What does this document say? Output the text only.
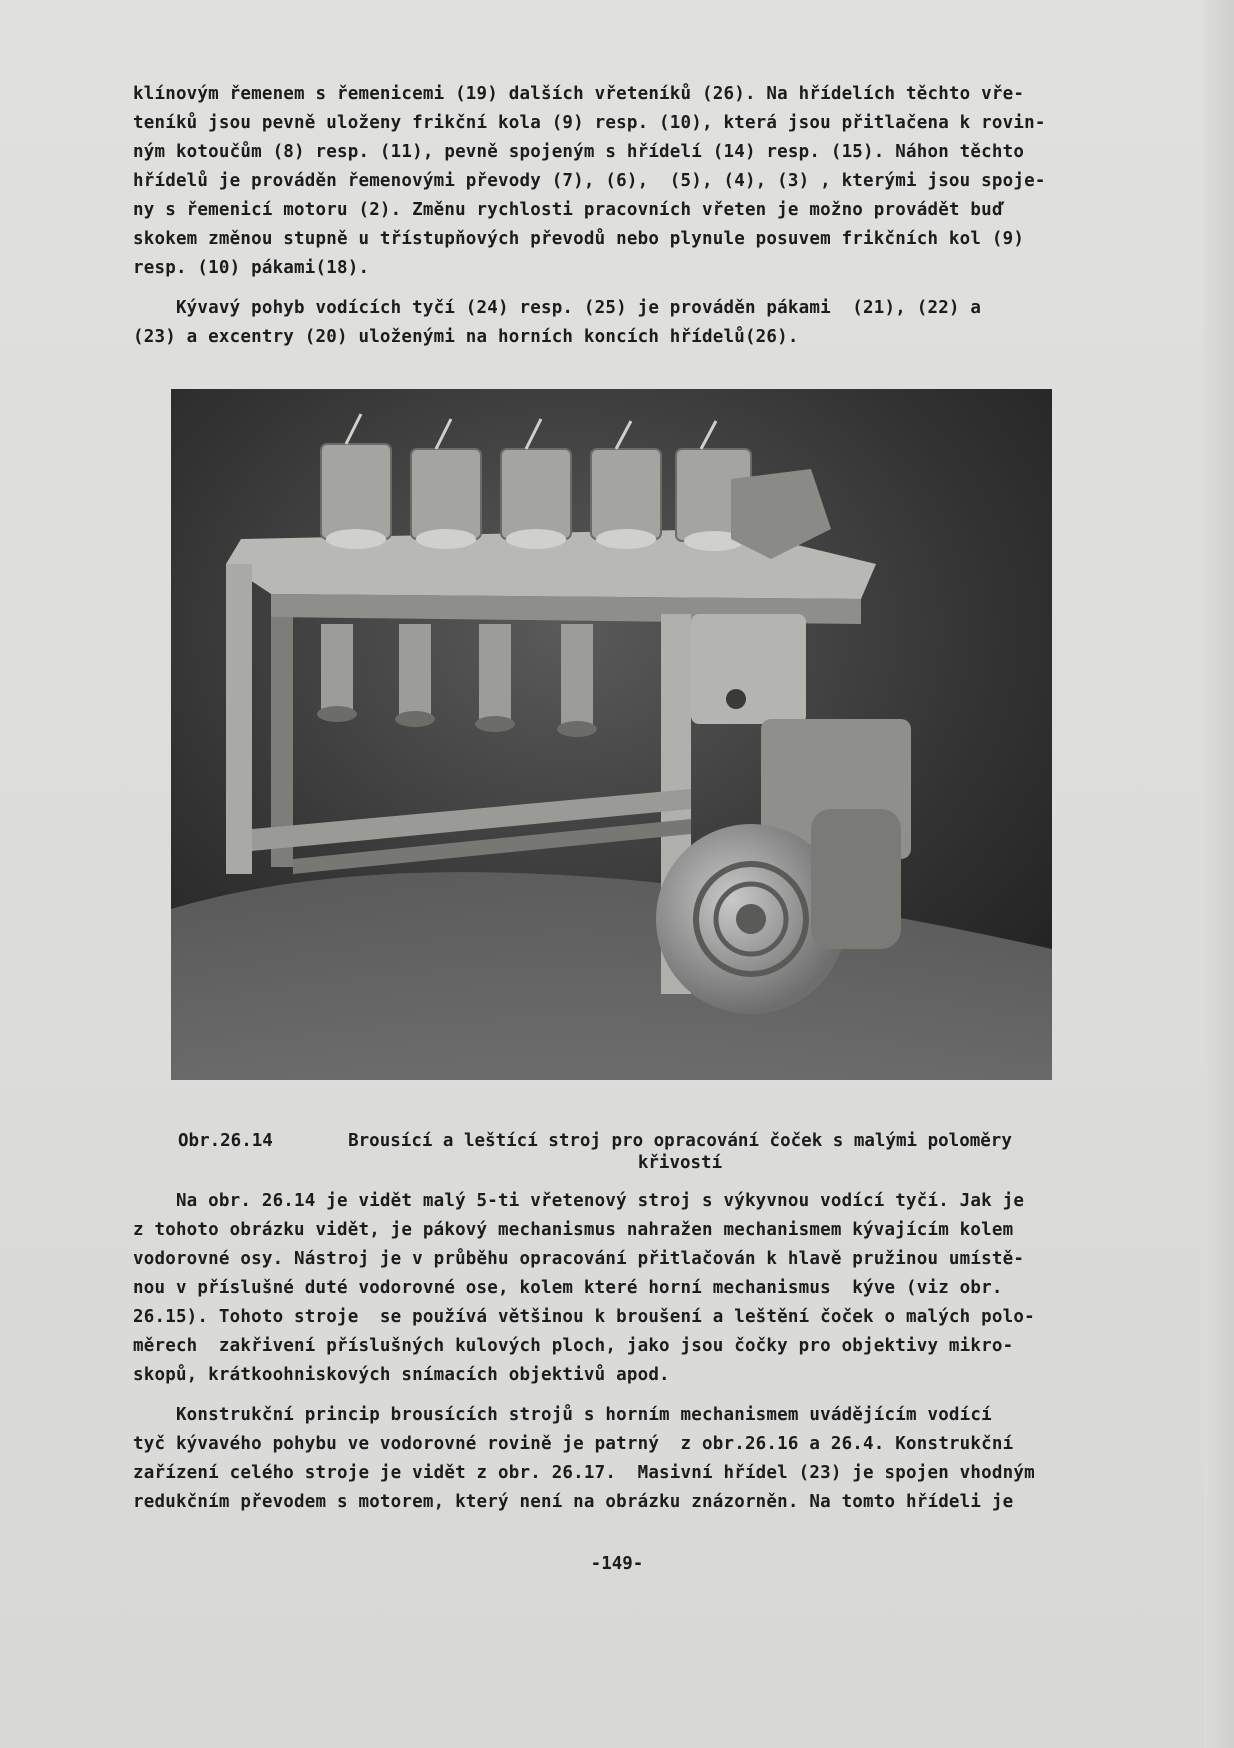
klínovým řemenem s řemenicemi (19) dalších vřeteníků (26). Na hřídelích těchto vře-
teníků jsou pevně uloženy frikční kola (9) resp. (10), která jsou přitlačena k rovin-
ným kotoučům (8) resp. (11), pevně spojeným s hřídelí (14) resp. (15). Náhon těchto
hřídelů je prováděn řemenovými převody (7), (6),  (5), (4), (3) , kterými jsou spoje-
ny s řemenicí motoru (2). Změnu rychlosti pracovních vřeten je možno provádět buď
skokem změnou stupně u třístupňových převodů nebo plynule posuvem frikčních kol (9)
resp. (10) pákami(18).

Kývavý pohyb vodících tyčí (24) resp. (25) je prováděn pákami  (21), (22) a
(23) a excentry (20) uloženými na horních koncích hřídelů(26).

Obr.26.14	Brousící a leštící stroj pro opracování čoček s malými poloměry křivostí

Na obr. 26.14 je vidět malý 5-ti vřetenový stroj s výkyvnou vodící tyčí. Jak je
z tohoto obrázku vidět, je pákový mechanismus nahražen mechanismem kývajícím kolem
vodorovné osy. Nástroj je v průběhu opracování přitlačován k hlavě pružinou umístě-
nou v příslušné duté vodorovné ose, kolem které horní mechanismus  kýve (viz obr.
26.15). Tohoto stroje  se používá většinou k broušení a leštění čoček o malých polo-
měrech  zakřivení příslušných kulových ploch, jako jsou čočky pro objektivy mikro-
skopů, krátkoohniskových snímacích objektivů apod.

Konstrukční princip brousících strojů s horním mechanismem uvádějícím vodící
tyč kývavého pohybu ve vodorovné rovině je patrný  z obr.26.16 a 26.4. Konstrukční
zařízení celého stroje je vidět z obr. 26.17.  Masivní hřídel (23) je spojen vhodným
redukčním převodem s motorem, který není na obrázku znázorněn. Na tomto hřídeli je

-149-
